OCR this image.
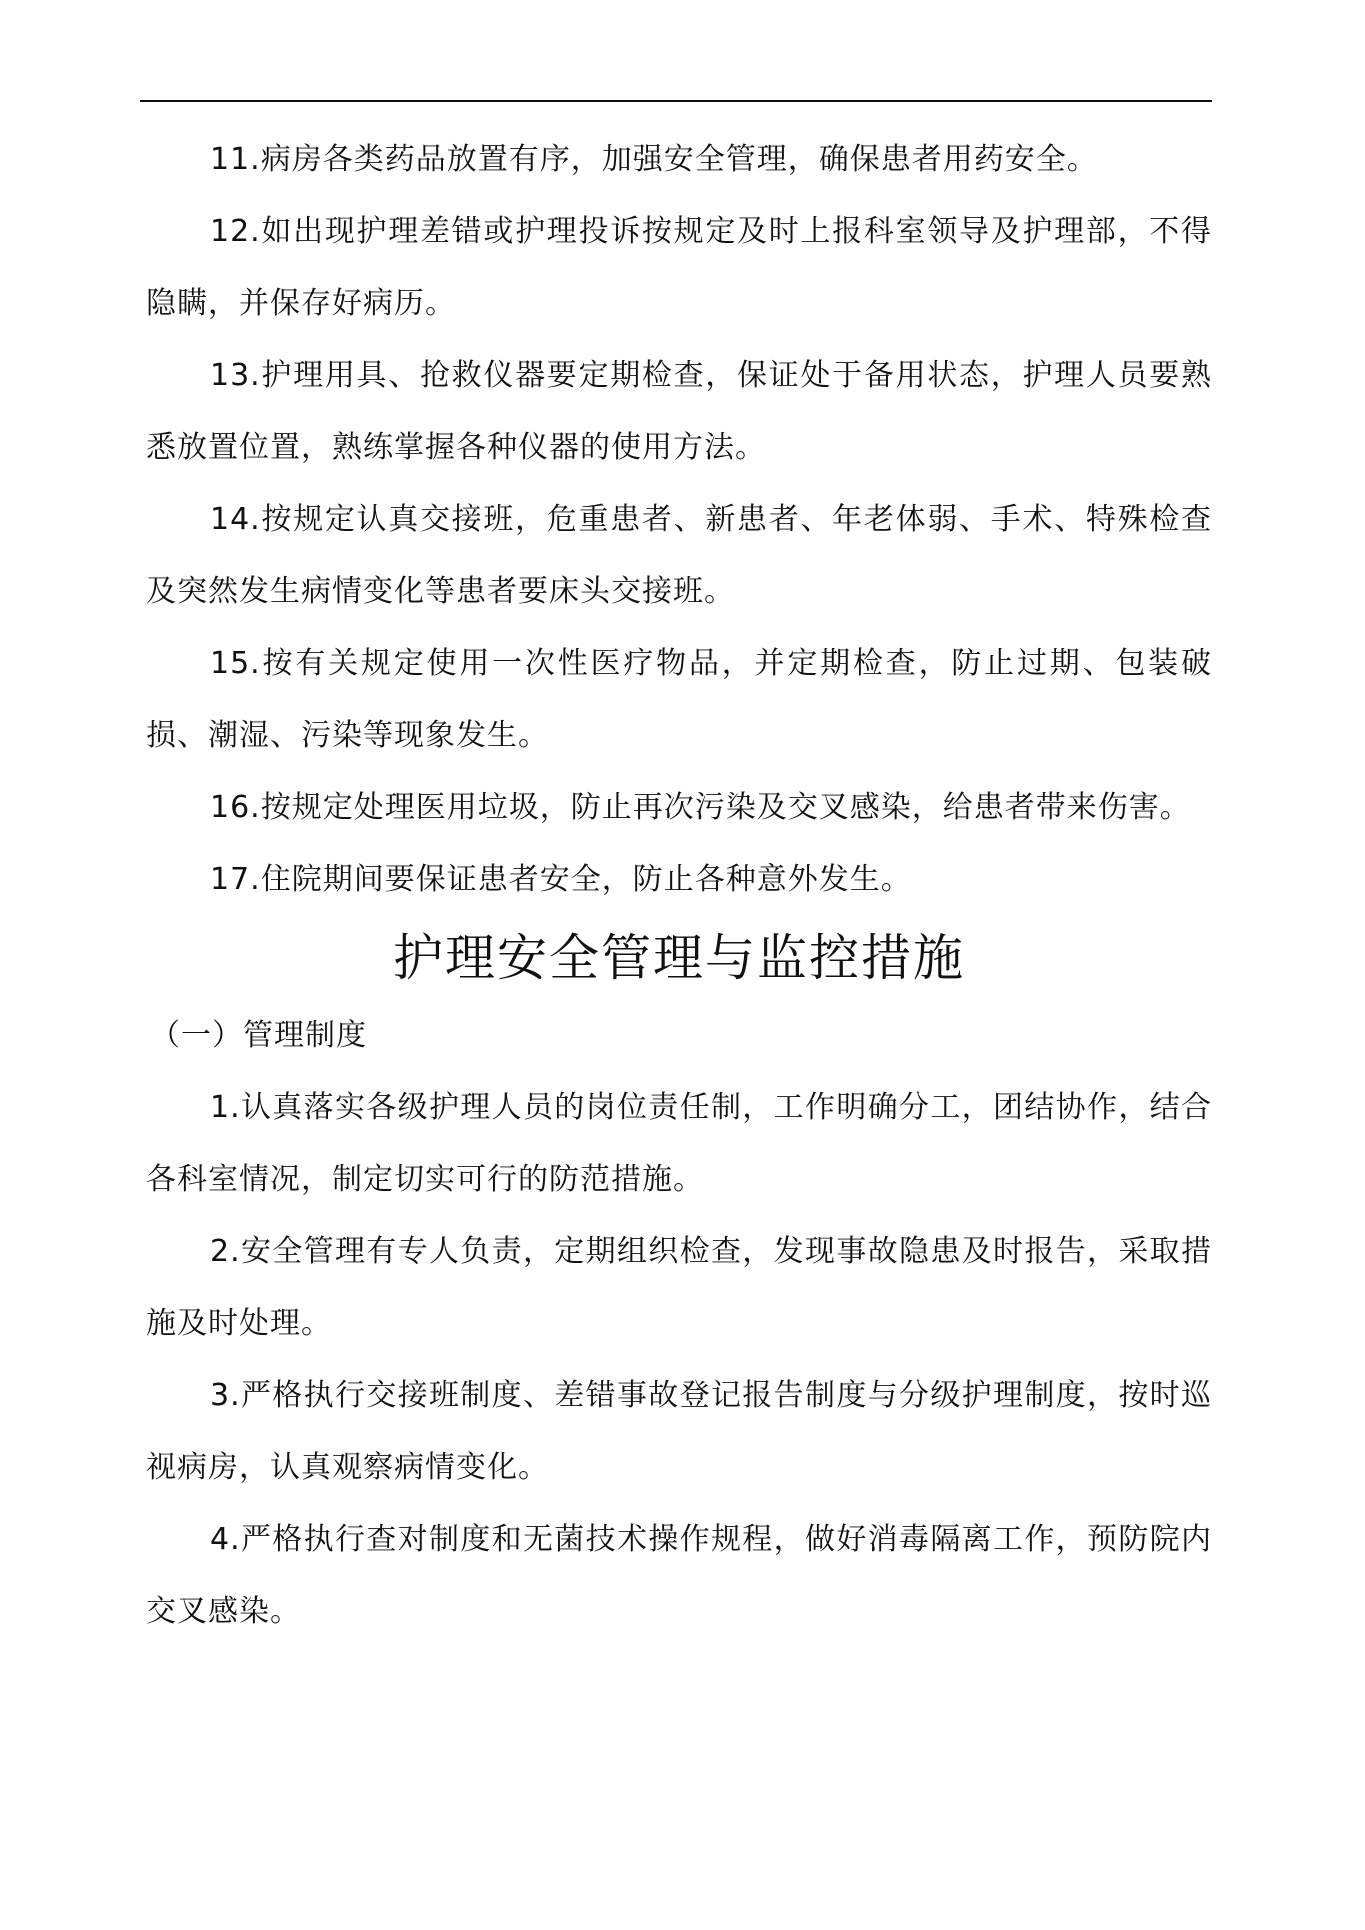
11.病房各类药品放置有序，加强安全管理，确保患者用药安全。

12.如出现护理差错或护理投诉按规定及时上报科室领导及护理部，不得隐瞒，并保存好病历。

13.护理用具、抢救仪器要定期检查，保证处于备用状态，护理人员要熟悉放置位置，熟练掌握各种仪器的使用方法。

14.按规定认真交接班，危重患者、新患者、年老体弱、手术、特殊检查及突然发生病情变化等患者要床头交接班。

15.按有关规定使用一次性医疗物品，并定期检查，防止过期、包装破损、潮湿、污染等现象发生。

16.按规定处理医用垃圾，防止再次污染及交叉感染，给患者带来伤害。

17.住院期间要保证患者安全，防止各种意外发生。

护理安全管理与监控措施

（一）管理制度

1.认真落实各级护理人员的岗位责任制，工作明确分工，团结协作，结合各科室情况，制定切实可行的防范措施。

2.安全管理有专人负责，定期组织检查，发现事故隐患及时报告，采取措施及时处理。

3.严格执行交接班制度、差错事故登记报告制度与分级护理制度，按时巡视病房，认真观察病情变化。

4.严格执行查对制度和无菌技术操作规程，做好消毒隔离工作，预防院内交叉感染。
